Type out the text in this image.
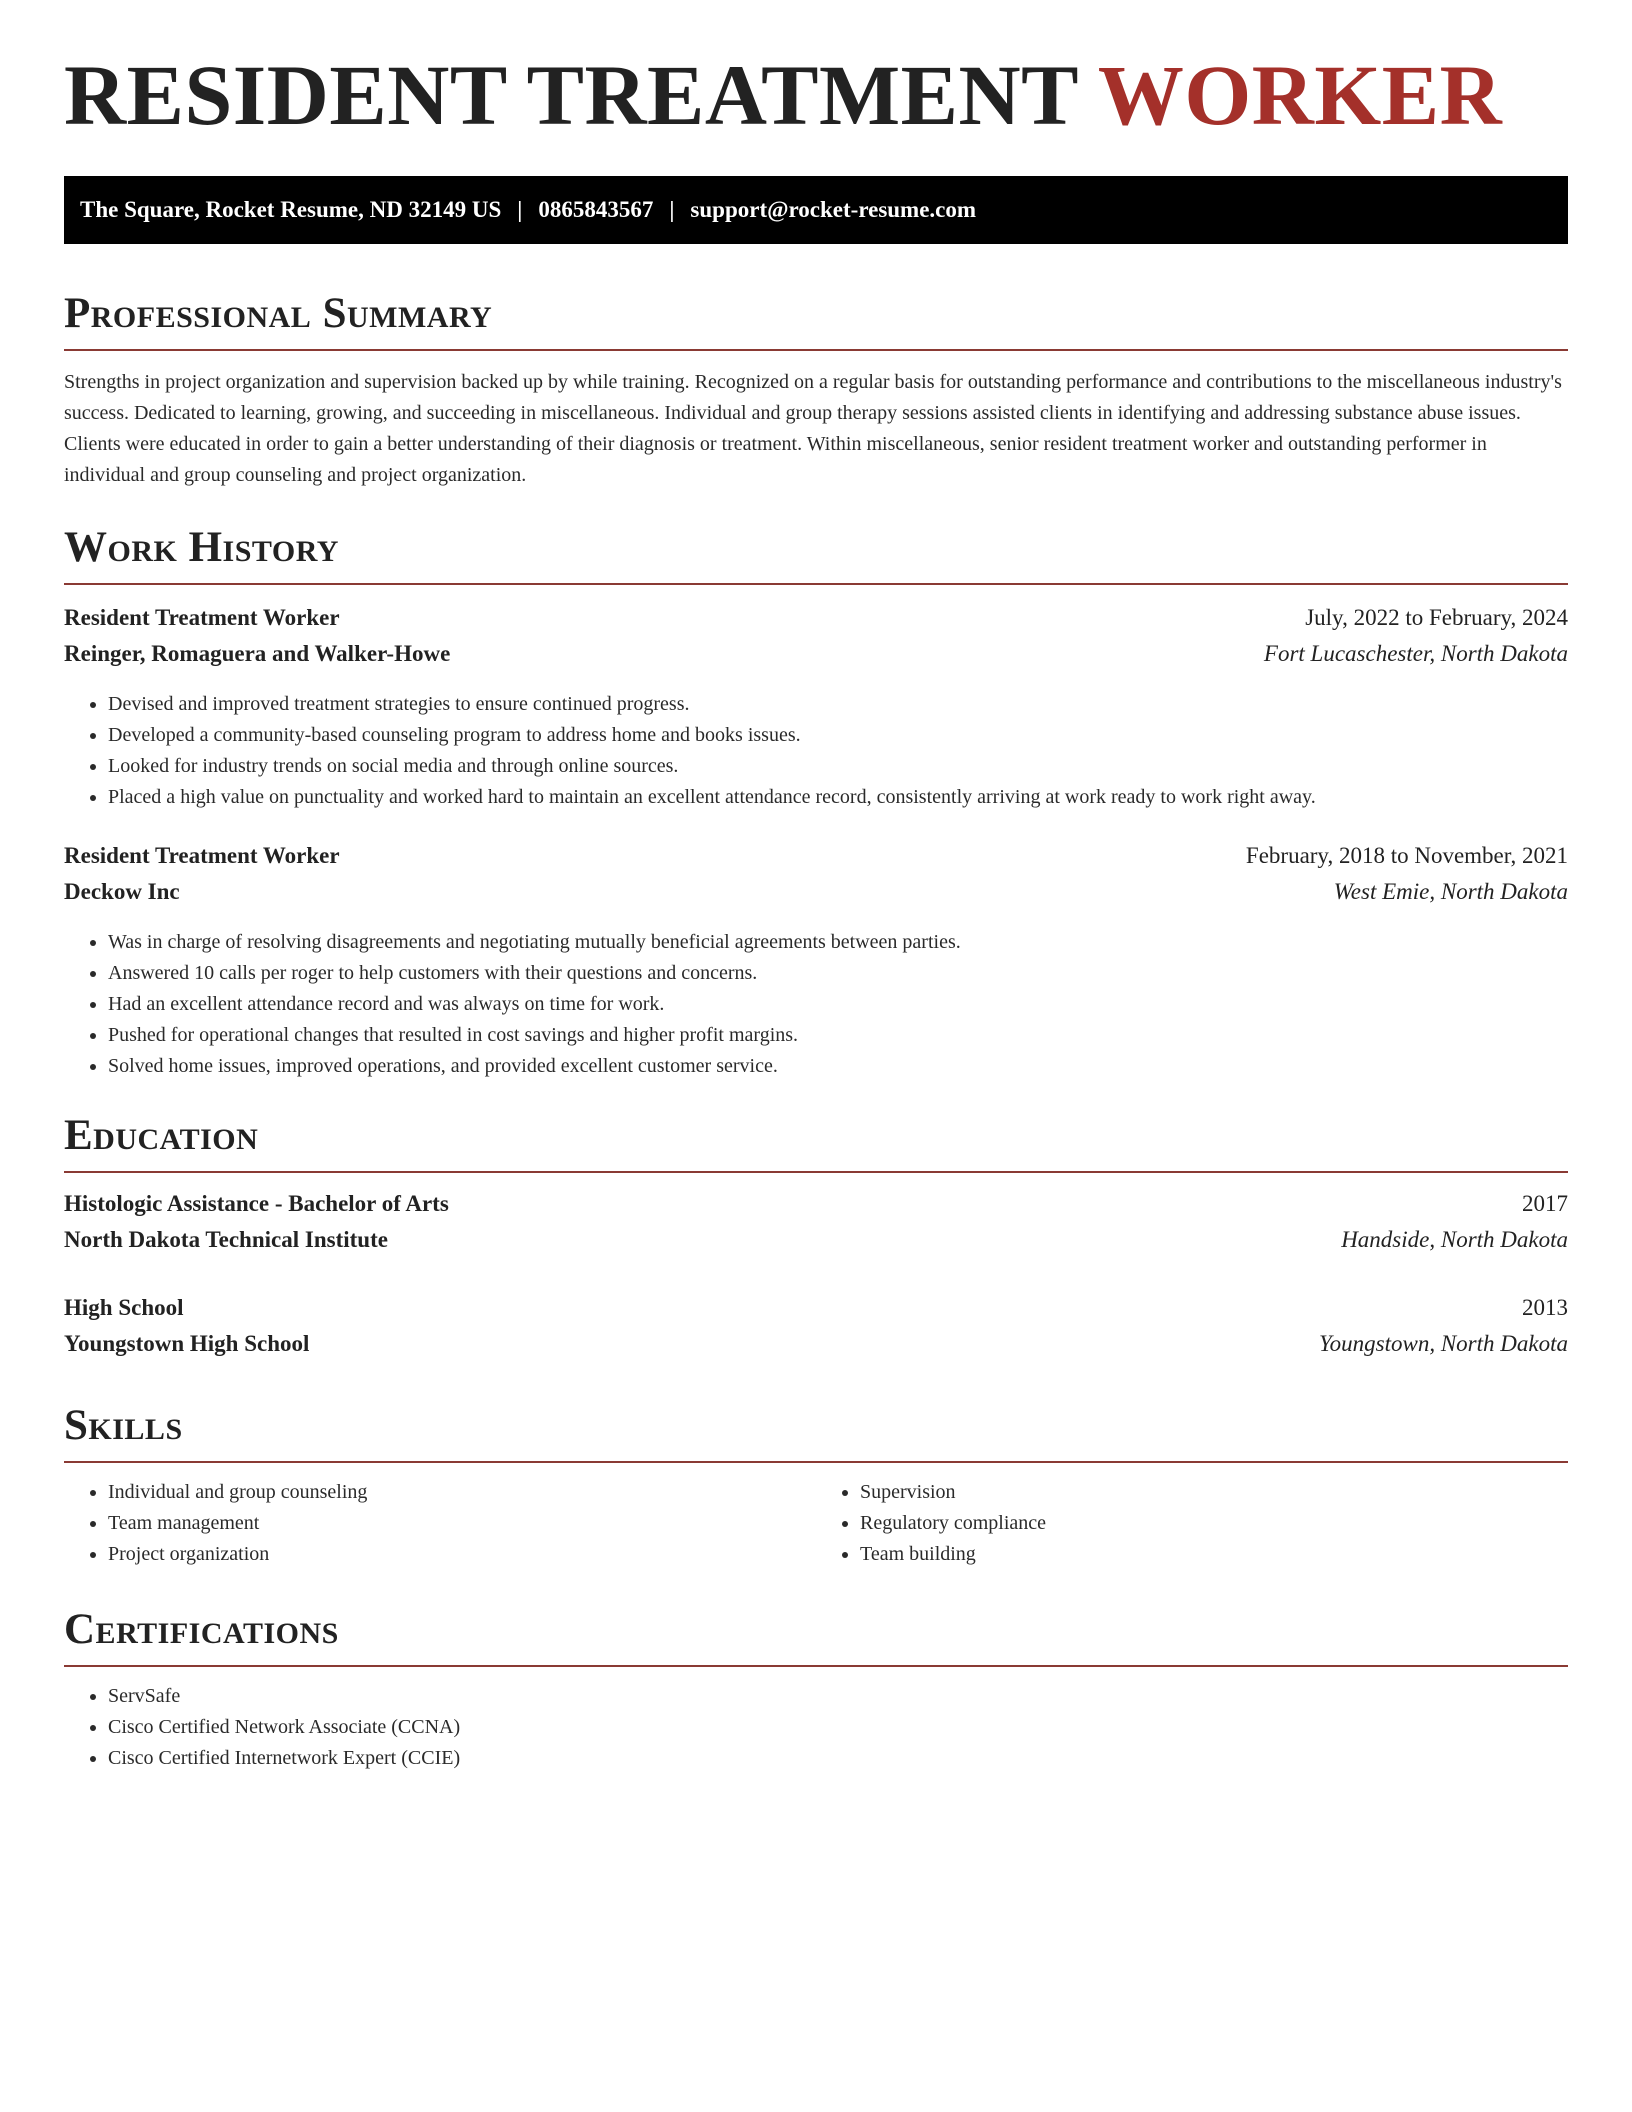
RESIDENT TREATMENT WORKER
The Square, Rocket Resume, ND 32149 US | 0865843567 | support@rocket-resume.com
Professional Summary

Strengths in project organization and supervision backed up by while training. Recognized on a regular basis for outstanding performance and contributions to the miscellaneous industry's success. Dedicated to learning, growing, and succeeding in miscellaneous. Individual and group therapy sessions assisted clients in identifying and addressing substance abuse issues. Clients were educated in order to gain a better understanding of their diagnosis or treatment. Within miscellaneous, senior resident treatment worker and outstanding performer in individual and group counseling and project organization.

Work History
Resident Treatment Worker	July, 2022 to February, 2024
Reinger, Romaguera and Walker-Howe	Fort Lucaschester, North Dakota
• Devised and improved treatment strategies to ensure continued progress.
• Developed a community-based counseling program to address home and books issues.
• Looked for industry trends on social media and through online sources.
• Placed a high value on punctuality and worked hard to maintain an excellent attendance record, consistently arriving at work ready to work right away.
Resident Treatment Worker	February, 2018 to November, 2021
Deckow Inc	West Emie, North Dakota
• Was in charge of resolving disagreements and negotiating mutually beneficial agreements between parties.
• Answered 10 calls per roger to help customers with their questions and concerns.
• Had an excellent attendance record and was always on time for work.
• Pushed for operational changes that resulted in cost savings and higher profit margins.
• Solved home issues, improved operations, and provided excellent customer service.
Education
Histologic Assistance - Bachelor of Arts	2017
North Dakota Technical Institute	Handside, North Dakota
High School	2013
Youngstown High School	Youngstown, North Dakota
Skills
• Individual and group counseling
• Team management
• Project organization
• Supervision
• Regulatory compliance
• Team building
Certifications
• ServSafe
• Cisco Certified Network Associate (CCNA)
• Cisco Certified Internetwork Expert (CCIE)
